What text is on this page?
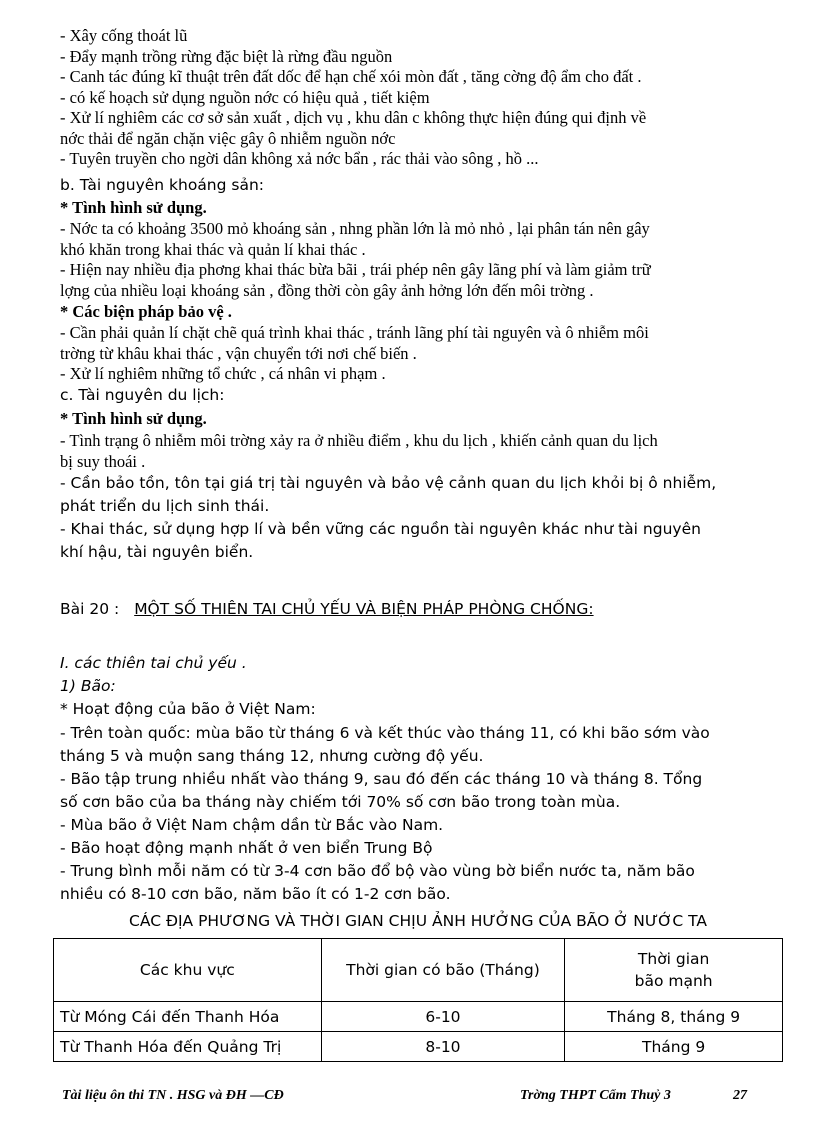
- Xây cống thoát lũ

- Đẩy mạnh trồng rừng đặc biệt là rừng đầu nguồn

- Canh tác đúng kĩ thuật trên đất dốc để hạn chế xói mòn đất , tăng cờng độ ẩm cho đất .

- có kế hoạch sử dụng nguồn nớc có hiệu quả , tiết kiệm

- Xử lí nghiêm các cơ sở sản xuất , dịch vụ , khu dân c không thực hiện đúng qui định về

nớc thải để ngăn chặn việc gây ô nhiễm nguồn nớc

- Tuyên truyền cho ngời dân không xả nớc bẩn , rác thải vào sông , hồ ...

b. Tài nguyên khoáng sản:
* Tình hình sử dụng.

- Nớc ta có khoảng 3500 mỏ khoáng sản , nhng phần lớn là mỏ nhỏ , lại phân tán nên gây

khó khăn trong khai thác và quản lí khai thác .

- Hiện nay nhiều địa phơng khai thác bừa bãi , trái phép nên gây lãng phí và làm giảm trữ

lợng của nhiều loại khoáng sản , đồng thời còn gây ảnh hởng lớn đến môi trờng .

* Các biện pháp bảo vệ .

- Cần phải quản lí chặt chẽ quá trình khai thác , tránh lãng phí tài nguyên và ô nhiễm môi

trờng từ khâu khai thác , vận chuyển tới nơi chế biến .

- Xử lí nghiêm những tổ chức , cá nhân vi phạm .

c. Tài nguyên du lịch:
* Tình hình sử dụng.

- Tình trạng ô nhiễm môi trờng xảy ra ở nhiều điểm , khu du lịch , khiến cảnh quan du lịch

bị suy thoái .

- Cần bảo tồn, tôn tại giá trị tài nguyên và bảo vệ cảnh quan du lịch khỏi bị ô nhiễm,

phát triển du lịch sinh thái.

- Khai thác, sử dụng hợp lí và bền vững các nguồn tài nguyên khác như tài nguyên

khí hậu, tài nguyên biển.

Bài 20 : MỘT SỐ THIÊN TAI CHỦ YẾU VÀ BIỆN PHÁP PHÒNG CHỐNG:
I. các thiên tai chủ yếu .
1) Bão:
* Hoạt động của bão ở Việt Nam:

- Trên toàn quốc: mùa bão từ tháng 6 và kết thúc vào tháng 11, có khi bão sớm vào

tháng 5 và muộn sang tháng 12, nhưng cường độ yếu.

- Bão tập trung nhiều nhất vào tháng 9, sau đó đến các tháng 10 và tháng 8. Tổng

số cơn bão của ba tháng này chiếm tới 70% số cơn bão trong toàn mùa.

- Mùa bão ở Việt Nam chậm dần từ Bắc vào Nam.

- Bão hoạt động mạnh nhất ở ven biển Trung Bộ

- Trung bình mỗi năm có từ 3-4 cơn bão đổ bộ vào vùng bờ biển nước ta, năm bão

nhiều có 8-10 cơn bão, năm bão ít có 1-2 cơn bão.

CÁC ĐỊA PHƯƠNG VÀ THỜI GIAN CHỊU ẢNH HƯỞNG CỦA BÃO Ở NƯỚC TA
Các khu vực	Thời gian có bão (Tháng)	Thời gian
bão mạnh
Từ Móng Cái đến Thanh Hóa	6-10	Tháng 8, tháng 9
Từ Thanh Hóa đến Quảng Trị	8-10	Tháng 9
Tài liệu ôn thi TN . HSG và ĐH —CĐ	Trờng THPT Cẩm Thuỷ 3	27
